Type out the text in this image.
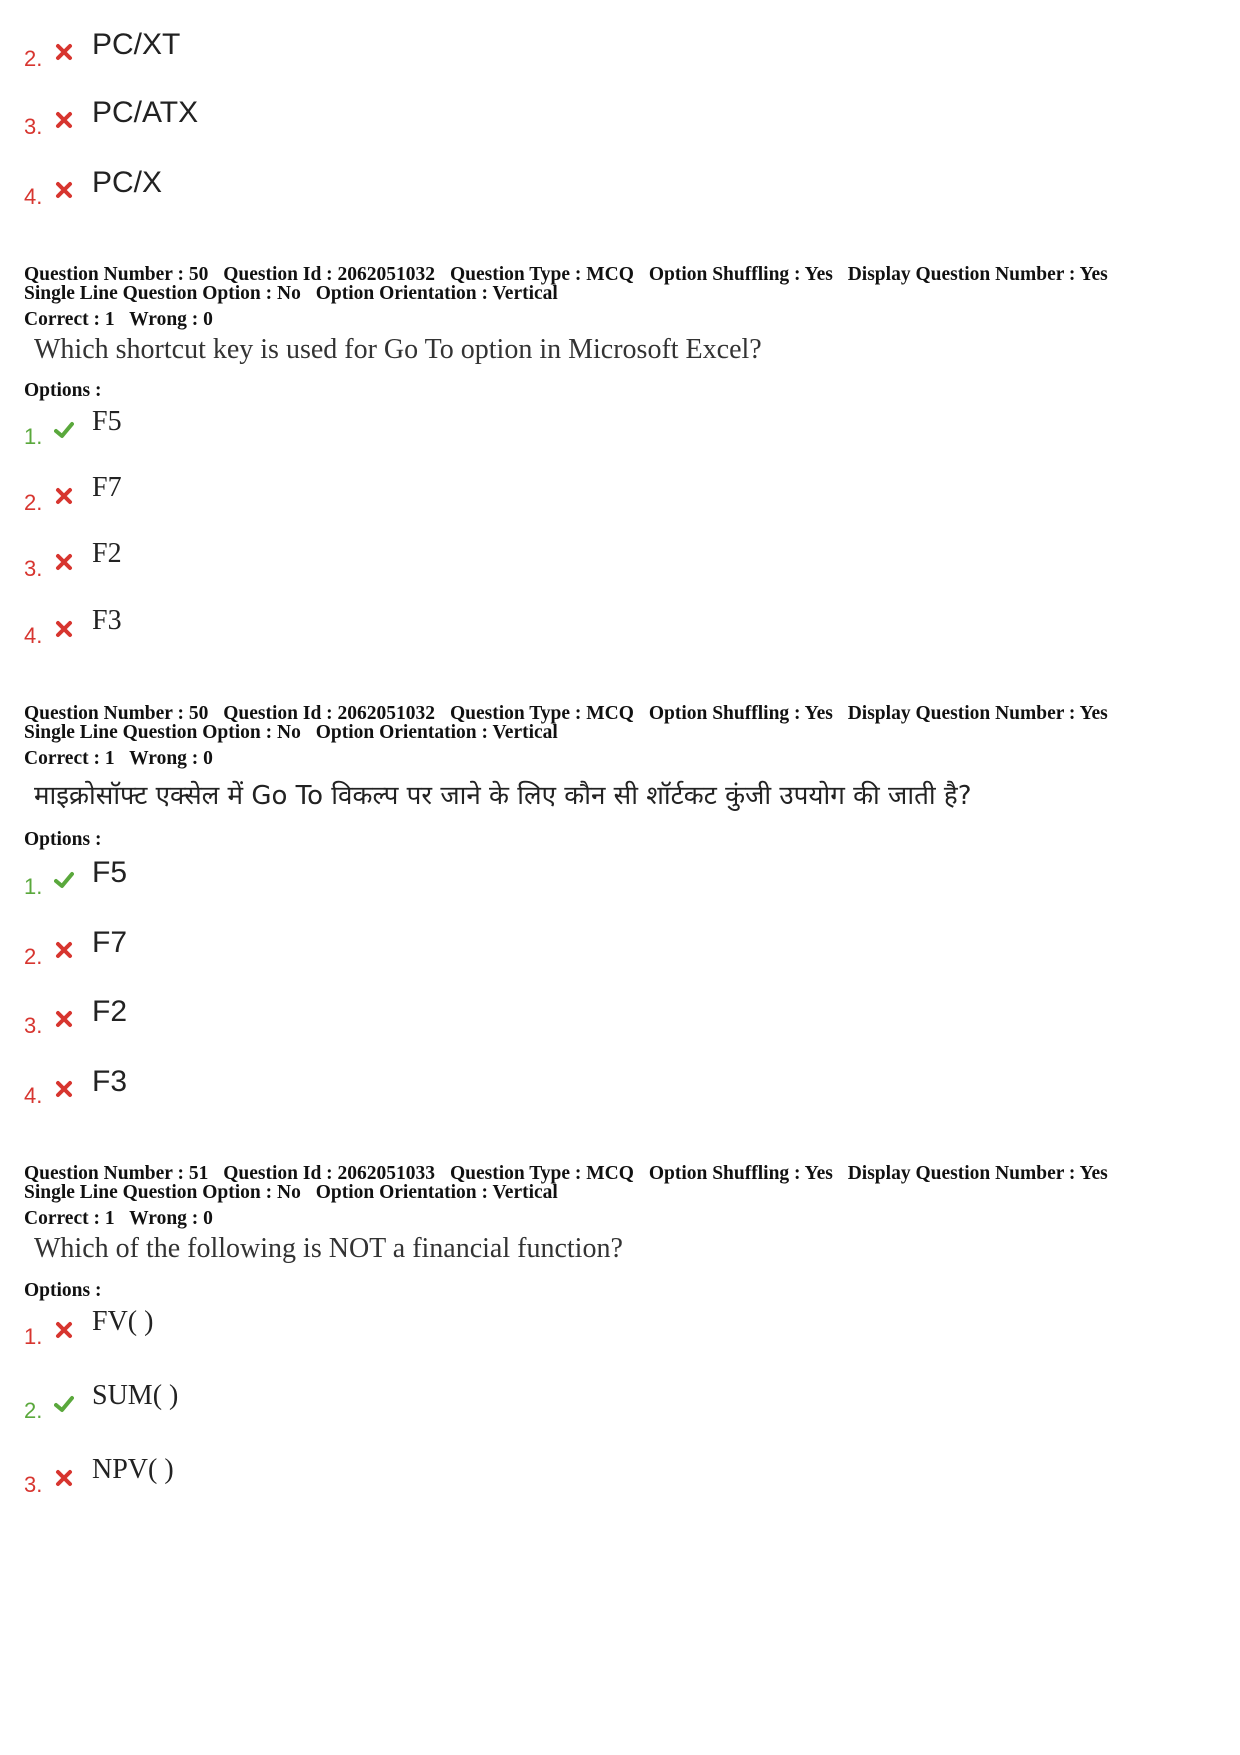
2. PC/XT
3. PC/ATX
4. PC/X
Question Number : 50 Question Id : 2062051032 Question Type : MCQ Option Shuffling : Yes Display Question Number : Yes
Single Line Question Option : No Option Orientation : Vertical
Correct : 1 Wrong : 0
Which shortcut key is used for Go To option in Microsoft Excel?
Options :
1. F5
2. F7
3. F2
4. F3
Question Number : 50 Question Id : 2062051032 Question Type : MCQ Option Shuffling : Yes Display Question Number : Yes
Single Line Question Option : No Option Orientation : Vertical
Correct : 1 Wrong : 0
माइक्रोसॉफ्ट एक्सेल में Go To विकल्प पर जाने के लिए कौन सी शॉर्टकट कुंजी उपयोग की जाती है?
Options :
1. F5
2. F7
3. F2
4. F3
Question Number : 51 Question Id : 2062051033 Question Type : MCQ Option Shuffling : Yes Display Question Number : Yes
Single Line Question Option : No Option Orientation : Vertical
Correct : 1 Wrong : 0
Which of the following is NOT a financial function?
Options :
1. FV( )
2. SUM( )
3. NPV( )
